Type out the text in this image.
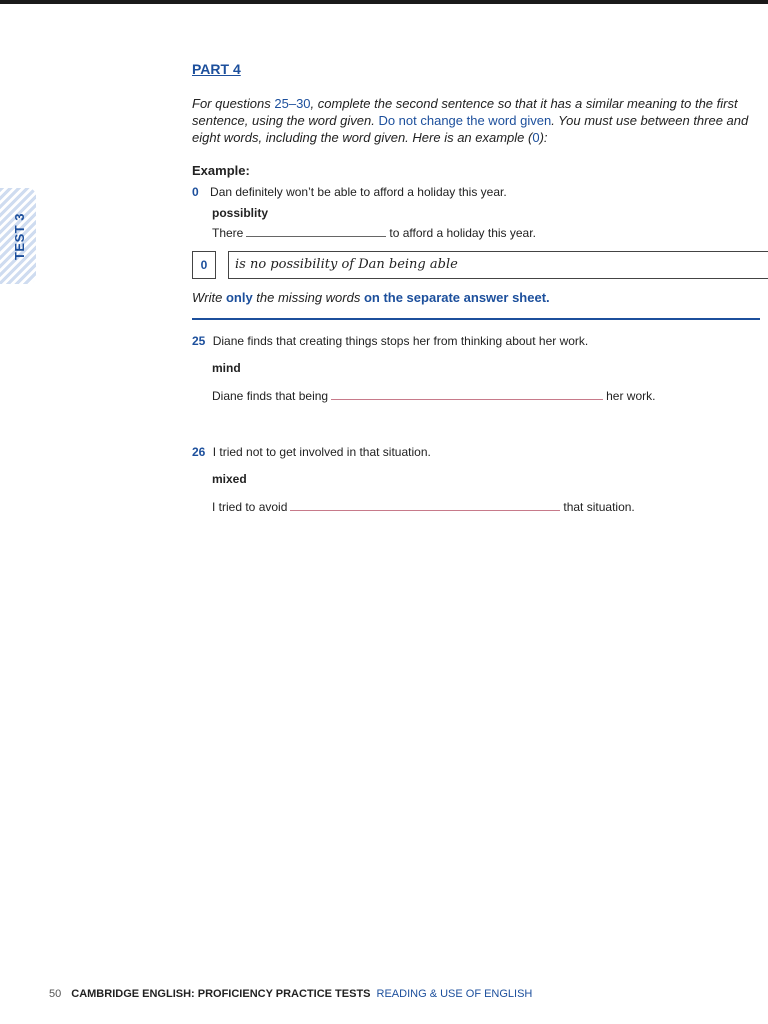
TEST 3
PART 4
For questions 25–30, complete the second sentence so that it has a similar meaning to the first sentence, using the word given. Do not change the word given. You must use between three and eight words, including the word given. Here is an example (0):
Example:
0 Dan definitely won’t be able to afford a holiday this year.
possiblity
There	to afford a holiday this year.
0	is no possibility of Dan being able
Write only the missing words on the separate answer sheet.
25 Diane finds that creating things stops her from thinking about her work.
mind
Diane finds that being	her work.
26 I tried not to get involved in that situation.
mixed
I tried to avoid	that situation.
50 CAMBRIDGE ENGLISH: PROFICIENCY PRACTICE TESTS READING & USE OF ENGLISH
